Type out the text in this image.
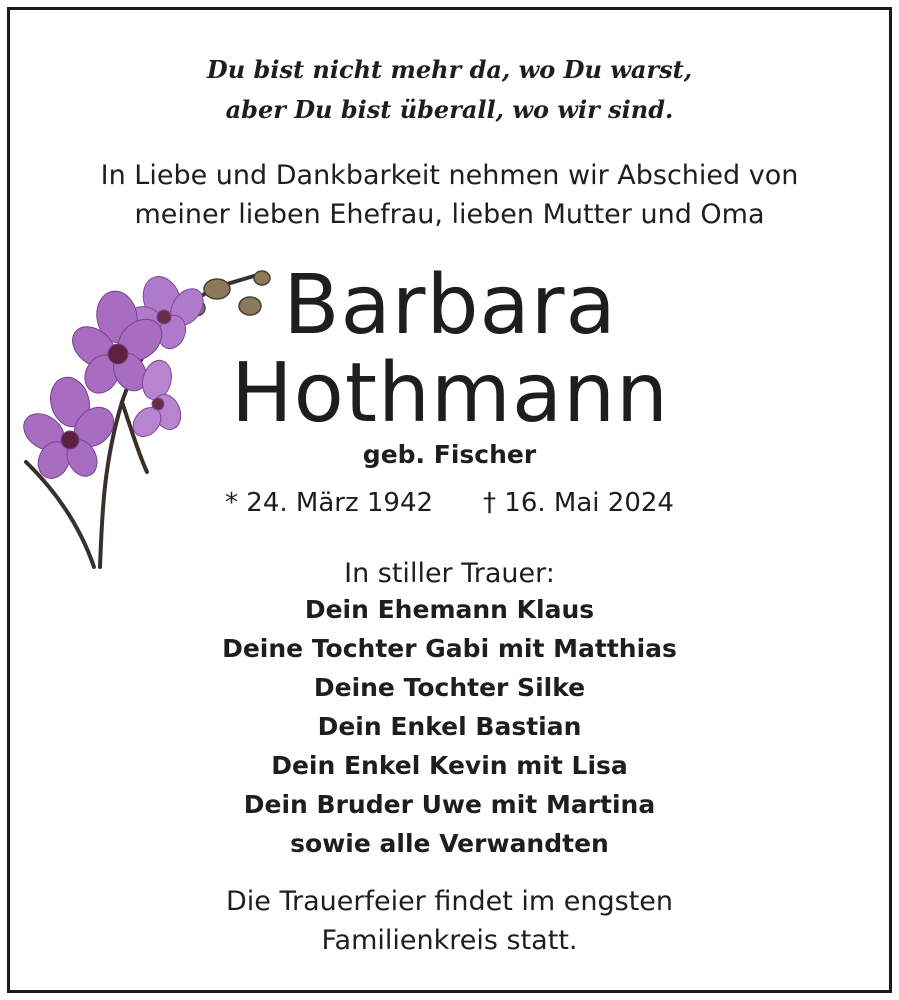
Du bist nicht mehr da, wo Du warst,
aber Du bist überall, wo wir sind.
In Liebe und Dankbarkeit nehmen wir Abschied von
meiner lieben Ehefrau, lieben Mutter und Oma
Barbara
Hothmann
geb. Fischer
* 24. März 1942 † 16. Mai 2024
In stiller Trauer:
Dein Ehemann Klaus
Deine Tochter Gabi mit Matthias
Deine Tochter Silke
Dein Enkel Bastian
Dein Enkel Kevin mit Lisa
Dein Bruder Uwe mit Martina
sowie alle Verwandten
Die Trauerfeier findet im engsten
Familienkreis statt.
